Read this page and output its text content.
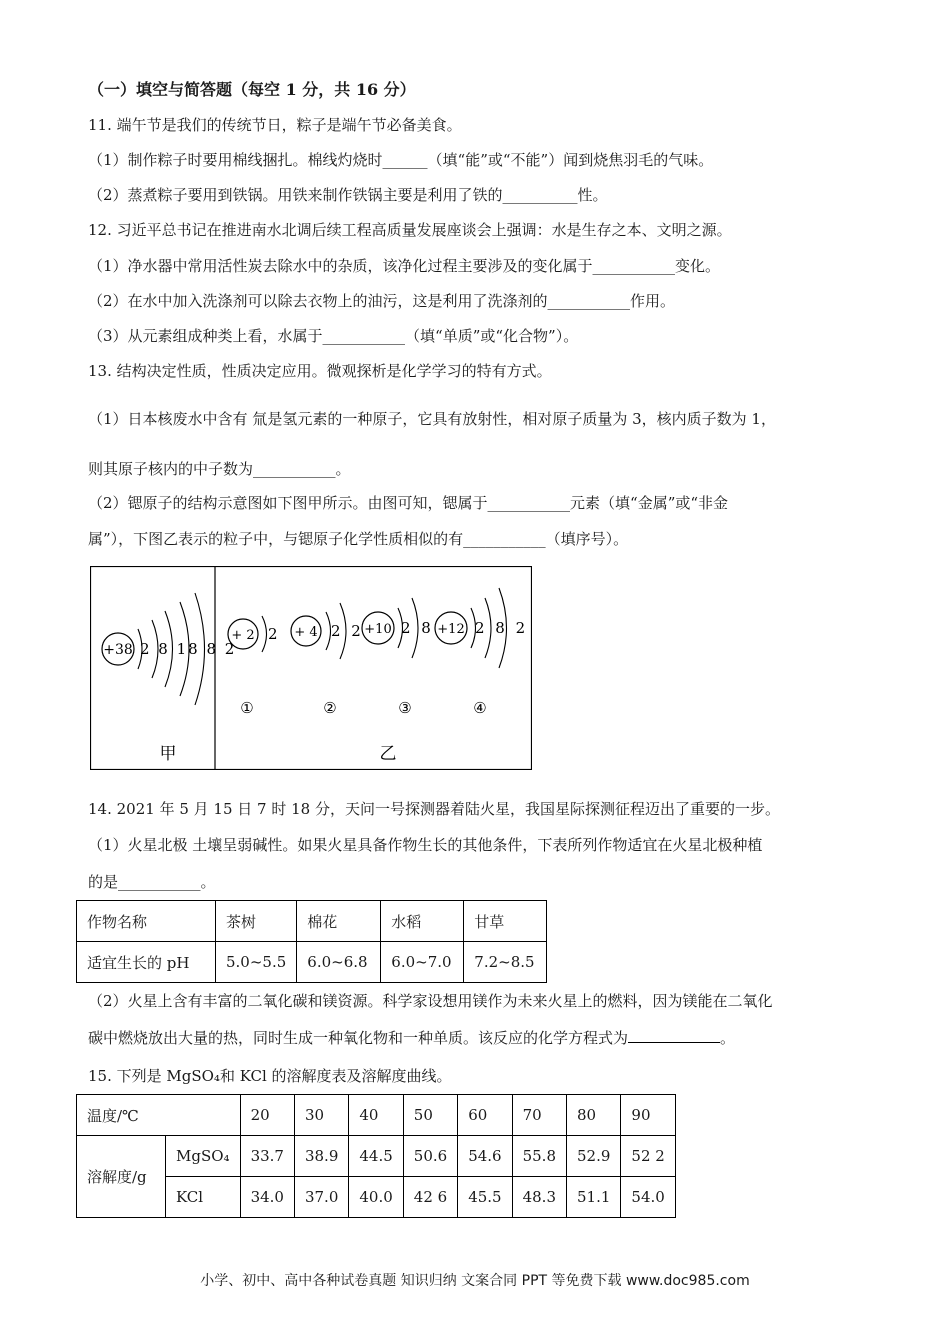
（一）填空与简答题（每空 1 分，共 16 分）
11. 端午节是我们的传统节日，粽子是端午节必备美食。
（1）制作粽子时要用棉线捆扎。棉线灼烧时______（填“能”或“不能”）闻到烧焦羽毛的气味。
（2）蒸煮粽子要用到铁锅。用铁来制作铁锅主要是利用了铁的__________性。
12. 习近平总书记在推进南水北调后续工程高质量发展座谈会上强调：水是生存之本、文明之源。
（1）净水器中常用活性炭去除水中的杂质，该净化过程主要涉及的变化属于___________变化。
（2）在水中加入洗涤剂可以除去衣物上的油污，这是利用了洗涤剂的___________作用。
（3）从元素组成种类上看，水属于___________（填“单质”或“化合物”）。
13. 结构决定性质，性质决定应用。微观探析是化学学习的特有方式。
（1）日本核废水中含有 氚是氢元素的一种原子，它具有放射性，相对原子质量为 3，核内质子数为 1，
则其原子核内的中子数为___________。
（2）锶原子的结构示意图如下图甲所示。由图可知，锶属于___________元素（填“金属”或“非金
属”），下图乙表示的粒子中，与锶原子化学性质相似的有___________（填序号）。
+38 2 8 18 8 2
甲
+ 2 2
①
+ 4 2 2
②
+10 2 8
③
+12 2 8 2
④
乙
14. 2021 年 5 月 15 日 7 时 18 分，天问一号探测器着陆火星，我国星际探测征程迈出了重要的一步。
（1）火星北极 土壤呈弱碱性。如果火星具备作物生长的其他条件，下表所列作物适宜在火星北极种植
的是___________。
作物名称	茶树	棉花	水稻	甘草
适宜生长的 pH	5.0~5.5	6.0~6.8	6.0~7.0	7.2~8.5
（2）火星上含有丰富的二氧化碳和镁资源。科学家设想用镁作为未来火星上的燃料，因为镁能在二氧化
碳中燃烧放出大量的热，同时生成一种氧化物和一种单质。该反应的化学方程式为	。
15. 下列是 MgSO₄和 KCl 的溶解度表及溶解度曲线。
温度/℃		20	30	40	50	60	70	80	90
溶解度/g	MgSO₄	33.7	38.9	44.5	50.6	54.6	55.8	52.9	52 2
	KCl	34.0	37.0	40.0	42 6	45.5	48.3	51.1	54.0
小学、初中、高中各种试卷真题 知识归纳 文案合同 PPT 等免费下载 www.doc985.com
